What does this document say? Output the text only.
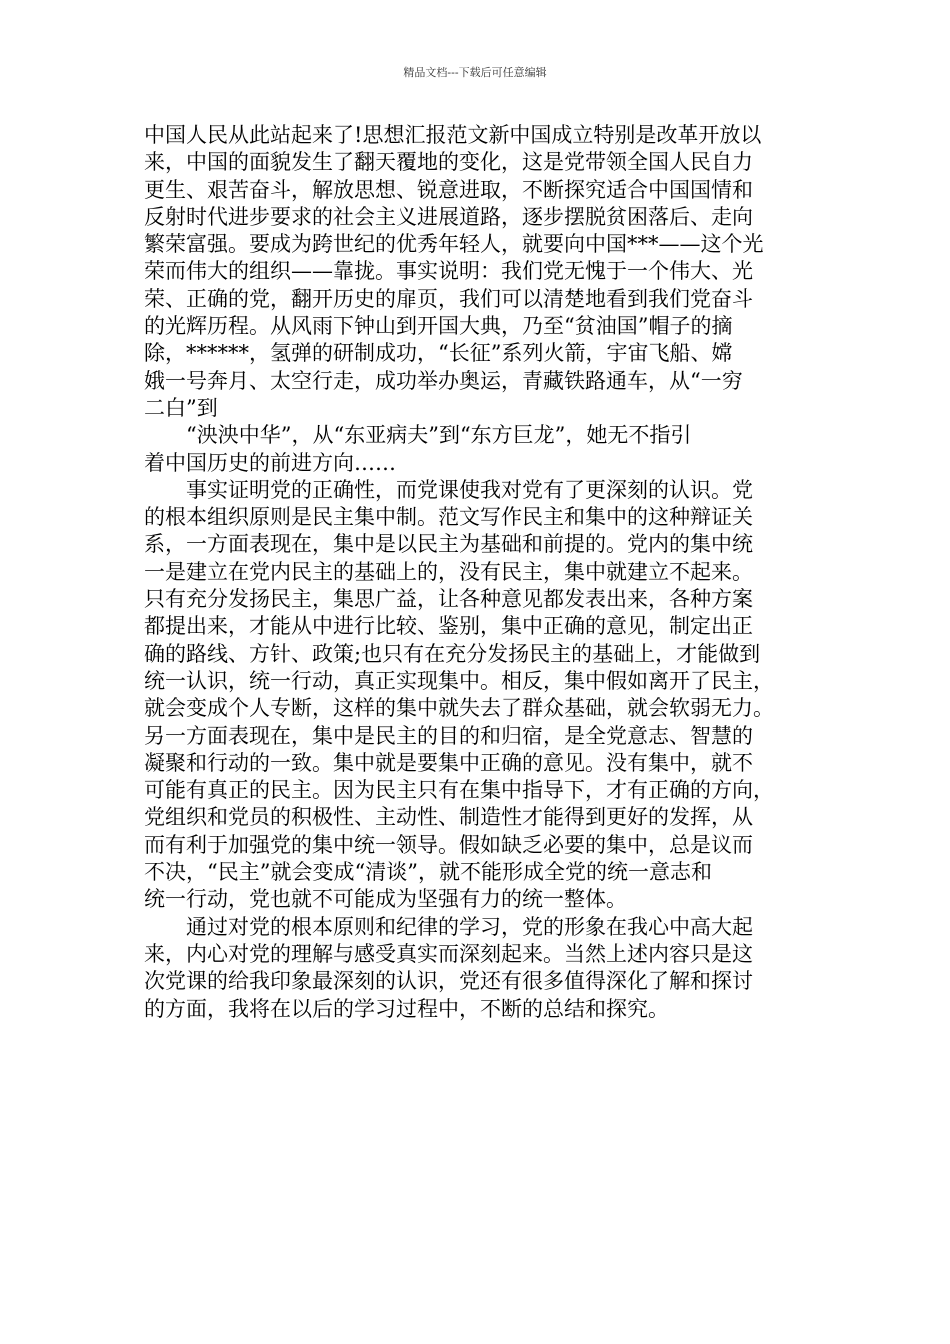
精品文档---下载后可任意编辑
中国人民从此站起来了!思想汇报范文新中国成立特别是改革开放以
来，中国的面貌发生了翻天覆地的变化，这是党带领全国人民自力
更生、艰苦奋斗，解放思想、锐意进取，不断探究适合中国国情和
反射时代进步要求的社会主义进展道路，逐步摆脱贫困落后、走向
繁荣富强。要成为跨世纪的优秀年轻人，就要向中国***——这个光
荣而伟大的组织——靠拢。事实说明：我们党无愧于一个伟大、光
荣、正确的党，翻开历史的扉页，我们可以清楚地看到我们党奋斗
的光辉历程。从风雨下钟山到开国大典，乃至“贫油国”帽子的摘
除，******，氢弹的研制成功，“长征”系列火箭，宇宙飞船、嫦
娥一号奔月、太空行走，成功举办奥运，青藏铁路通车，从“一穷
二白”到
　　“泱泱中华”，从“东亚病夫”到“东方巨龙”，她无不指引
着中国历史的前进方向……
　　事实证明党的正确性，而党课使我对党有了更深刻的认识。党
的根本组织原则是民主集中制。范文写作民主和集中的这种辩证关
系，一方面表现在，集中是以民主为基础和前提的。党内的集中统
一是建立在党内民主的基础上的，没有民主，集中就建立不起来。
只有充分发扬民主，集思广益，让各种意见都发表出来，各种方案
都提出来，才能从中进行比较、鉴别，集中正确的意见，制定出正
确的路线、方针、政策;也只有在充分发扬民主的基础上，才能做到
统一认识，统一行动，真正实现集中。相反，集中假如离开了民主，
就会变成个人专断，这样的集中就失去了群众基础，就会软弱无力。
另一方面表现在，集中是民主的目的和归宿，是全党意志、智慧的
凝聚和行动的一致。集中就是要集中正确的意见。没有集中，就不
可能有真正的民主。因为民主只有在集中指导下，才有正确的方向，
党组织和党员的积极性、主动性、制造性才能得到更好的发挥，从
而有利于加强党的集中统一领导。假如缺乏必要的集中，总是议而
不决，“民主”就会变成“清谈”，就不能形成全党的统一意志和
统一行动，党也就不可能成为坚强有力的统一整体。
　　通过对党的根本原则和纪律的学习，党的形象在我心中高大起
来，内心对党的理解与感受真实而深刻起来。当然上述内容只是这
次党课的给我印象最深刻的认识，党还有很多值得深化了解和探讨
的方面，我将在以后的学习过程中，不断的总结和探究。
